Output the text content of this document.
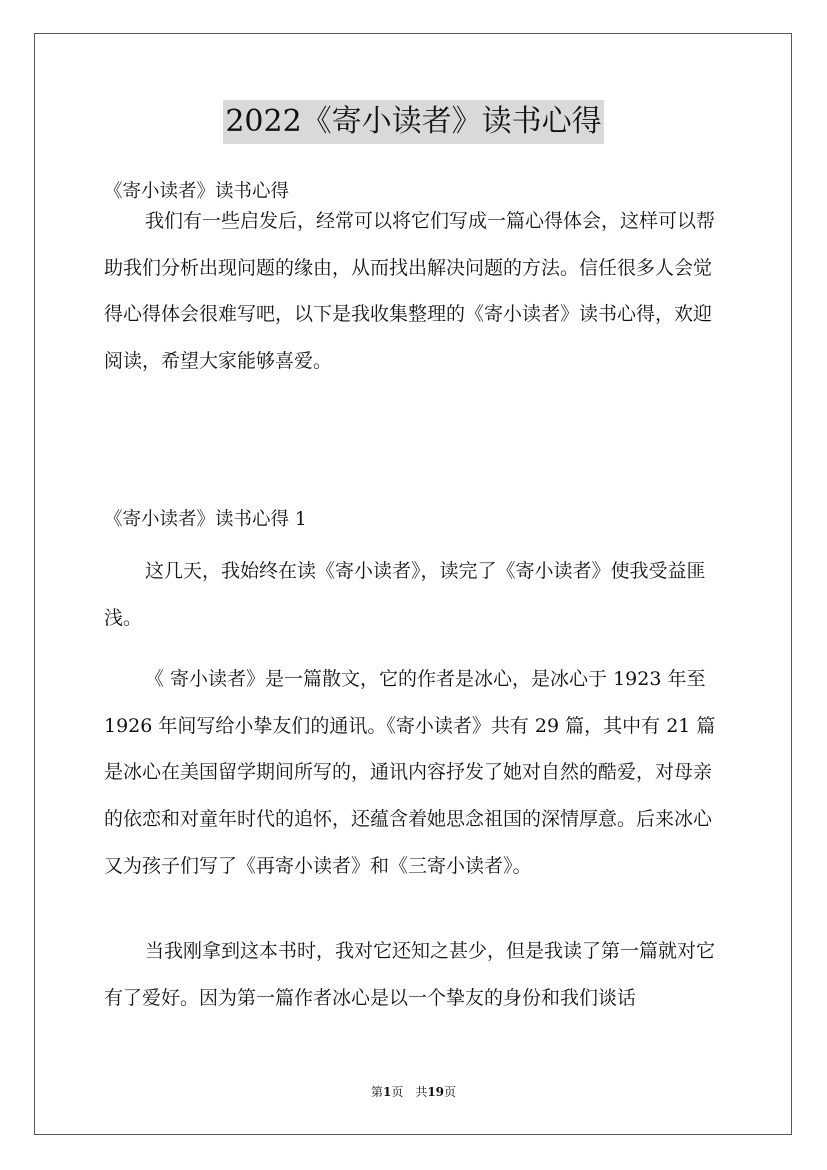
2022《寄小读者》读书心得
《寄小读者》读书心得

我们有一些启发后，经常可以将它们写成一篇心得体会，这样可以帮助我们分析出现问题的缘由，从而找出解决问题的方法。信任很多人会觉得心得体会很难写吧，以下是我收集整理的《寄小读者》读书心得，欢迎阅读，希望大家能够喜爱。

《寄小读者》读书心得 1

这几天，我始终在读《寄小读者》，读完了《寄小读者》使我受益匪浅。

《 寄小读者》是一篇散文，它的作者是冰心，是冰心于 1923 年至 1926 年间写给小挚友们的通讯。《寄小读者》共有 29 篇，其中有 21 篇是冰心在美国留学期间所写的，通讯内容抒发了她对自然的酷爱，对母亲的依恋和对童年时代的追怀，还蕴含着她思念祖国的深情厚意。后来冰心又为孩子们写了《再寄小读者》和《三寄小读者》。

当我刚拿到这本书时，我对它还知之甚少，但是我读了第一篇就对它有了爱好。因为第一篇作者冰心是以一个挚友的身份和我们谈话

第1页　共19页
